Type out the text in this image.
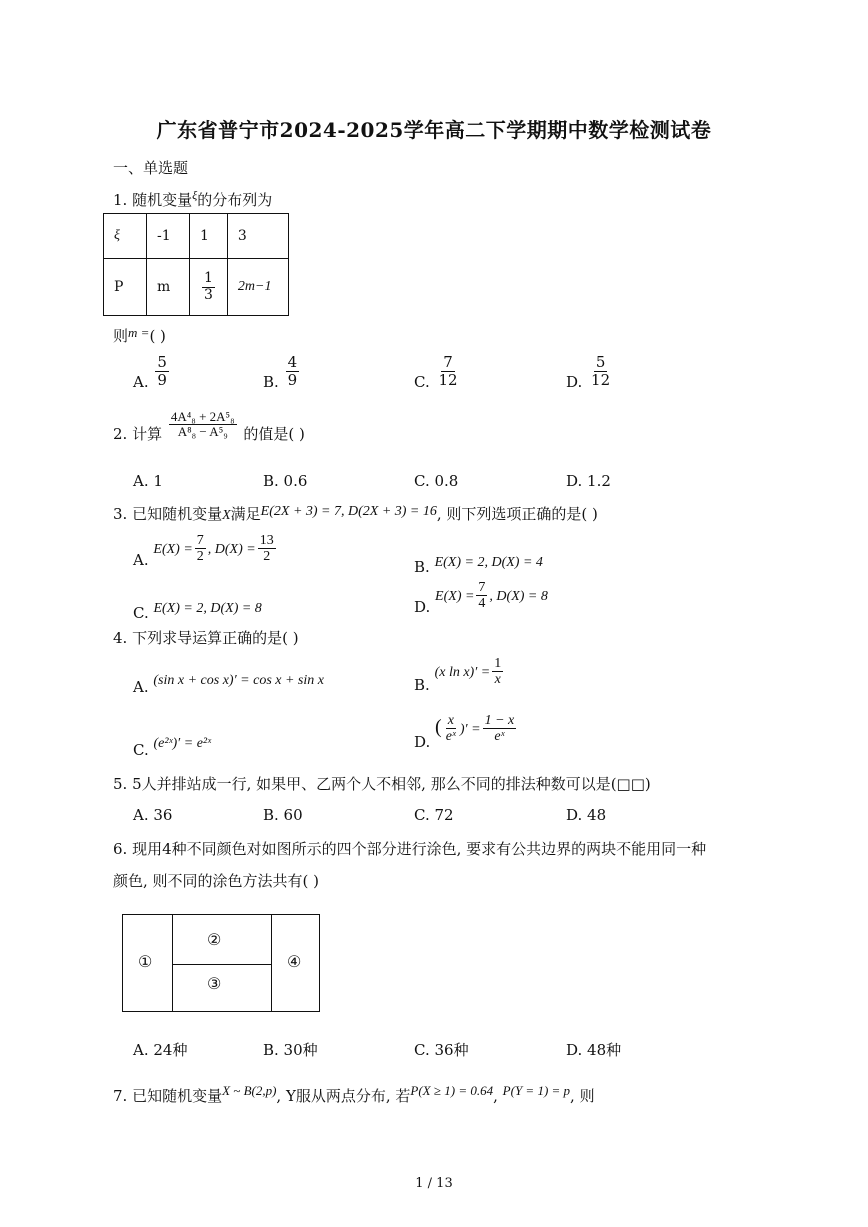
广东省普宁市2024-2025学年高二下学期期中数学检测试卷
一、单选题
1. 随机变量$^\xi$的分布列为
ξ	-1	1	3
P	m	$\frac{1}{3}$	2m−1
则m =( )
A. $\frac{5}{9}$	B. $\frac{4}{9}$	C. $\frac{7}{12}$	D. $\frac{5}{12}$
2. 计算 $\frac{\text{4A⁴₈ + 2A⁵₈}}{\text{A⁸₈ − A⁵₉}}$ 的值是( )
A. 1	B. 0.6	C. 0.8	D. 1.2
3. 已知随机变量X满足E(2X + 3) = 7, D(2X + 3) = 16, 则下列选项正确的是( )
A. $E(X) = \frac{7}{2}$ , $D(X) = \frac{13}{2}$
B. E(X) = 2, D(X) = 4
C. E(X) = 2, D(X) = 8	D. $E(X) = \frac{7}{4}$ , D(X) = 8
4. 下列求导运算正确的是( )
A. (sin x + cos x)′ = cos x + sin x	B. (x $\ln x)' = \frac{1}{x}$
C. (e²ˣ)′ = e²ˣ	D. ( $\frac{x}{\text{eˣ}}$ )′ = $\frac{1 - x}{\text{eˣ}}$
5. 5人并排站成一行, 如果甲、乙两个人不相邻, 那么不同的排法种数可以是(□□)
A. 36	B. 60	C. 72	D. 48
6. 现用4种不同颜色对如图所示的四个部分进行涂色, 要求有公共边界的两块不能用同一种
颜色, 则不同的涂色方法共有( )
①
②
③
④
A. 24种	B. 30种	C. 36种	D. 48种
7. 已知随机变量X ~ B(2,p), Y服从两点分布, 若P(X ≥ 1) = 0.64, P(Y = 1) = p, 则
1 / 13
